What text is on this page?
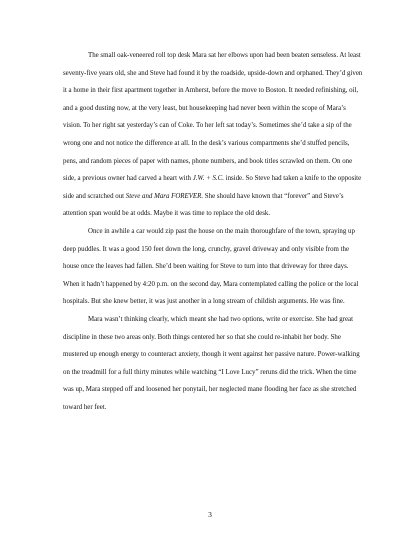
The small oak-veneered roll top desk Mara sat her elbows upon had been beaten senseless. At least seventy-five years old, she and Steve had found it by the roadside, upside-down and orphaned. They’d given it a home in their first apartment together in Amherst, before the move to Boston. It needed refinishing, oil, and a good dusting now, at the very least, but housekeeping had never been within the scope of Mara’s vision. To her right sat yesterday’s can of Coke. To her left sat today’s. Sometimes she’d take a sip of the wrong one and not notice the difference at all. In the desk’s various compartments she’d stuffed pencils, pens, and random pieces of paper with names, phone numbers, and book titles scrawled on them. On one side, a previous owner had carved a heart with J.W. + S.C. inside. So Steve had taken a knife to the opposite side and scratched out Steve and Mara FOREVER. She should have known that “forever” and Steve’s attention span would be at odds. Maybe it was time to replace the old desk.

Once in awhile a car would zip past the house on the main thoroughfare of the town, spraying up deep puddles. It was a good 150 feet down the long, crunchy, gravel driveway and only visible from the house once the leaves had fallen. She’d been waiting for Steve to turn into that driveway for three days. When it hadn’t happened by 4:20 p.m. on the second day, Mara contemplated calling the police or the local hospitals. But she knew better, it was just another in a long stream of childish arguments. He was fine.

Mara wasn’t thinking clearly, which meant she had two options, write or exercise. She had great discipline in these two areas only. Both things centered her so that she could re-inhabit her body. She mustered up enough energy to counteract anxiety, though it went against her passive nature. Power-walking on the treadmill for a full thirty minutes while watching “I Love Lucy” reruns did the trick. When the time was up, Mara stepped off and loosened her ponytail, her neglected mane flooding her face as she stretched toward her feet.

3
